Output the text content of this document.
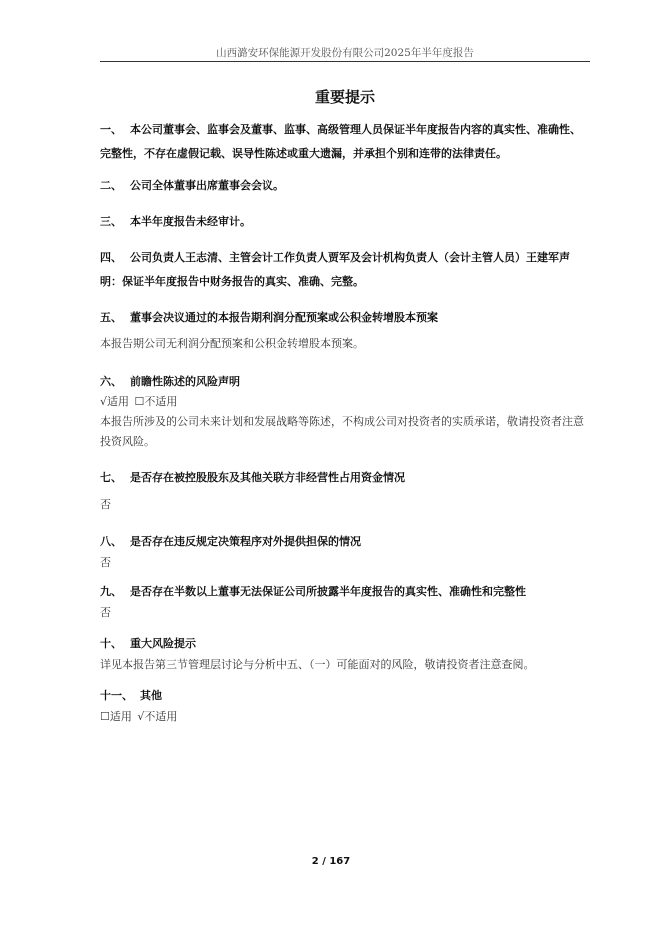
山西潞安环保能源开发股份有限公司2025年半年度报告
重要提示
一、 本公司董事会、监事会及董事、监事、高级管理人员保证半年度报告内容的真实性、准确性、完整性，不存在虚假记载、误导性陈述或重大遗漏，并承担个别和连带的法律责任。
二、 公司全体董事出席董事会会议。
三、 本半年度报告未经审计。
四、 公司负责人王志清、主管会计工作负责人贾军及会计机构负责人（会计主管人员）王建军声明：保证半年度报告中财务报告的真实、准确、完整。
五、 董事会决议通过的本报告期利润分配预案或公积金转增股本预案
本报告期公司无利润分配预案和公积金转增股本预案。
六、 前瞻性陈述的风险声明
√适用 ☐不适用
本报告所涉及的公司未来计划和发展战略等陈述，不构成公司对投资者的实质承诺，敬请投资者注意投资风险。
七、 是否存在被控股股东及其他关联方非经营性占用资金情况
否
八、 是否存在违反规定决策程序对外提供担保的情况
否
九、 是否存在半数以上董事无法保证公司所披露半年度报告的真实性、准确性和完整性
否
十、 重大风险提示
详见本报告第三节管理层讨论与分析中五、（一）可能面对的风险，敬请投资者注意查阅。
十一、 其他
☐适用 √不适用
2 / 167
